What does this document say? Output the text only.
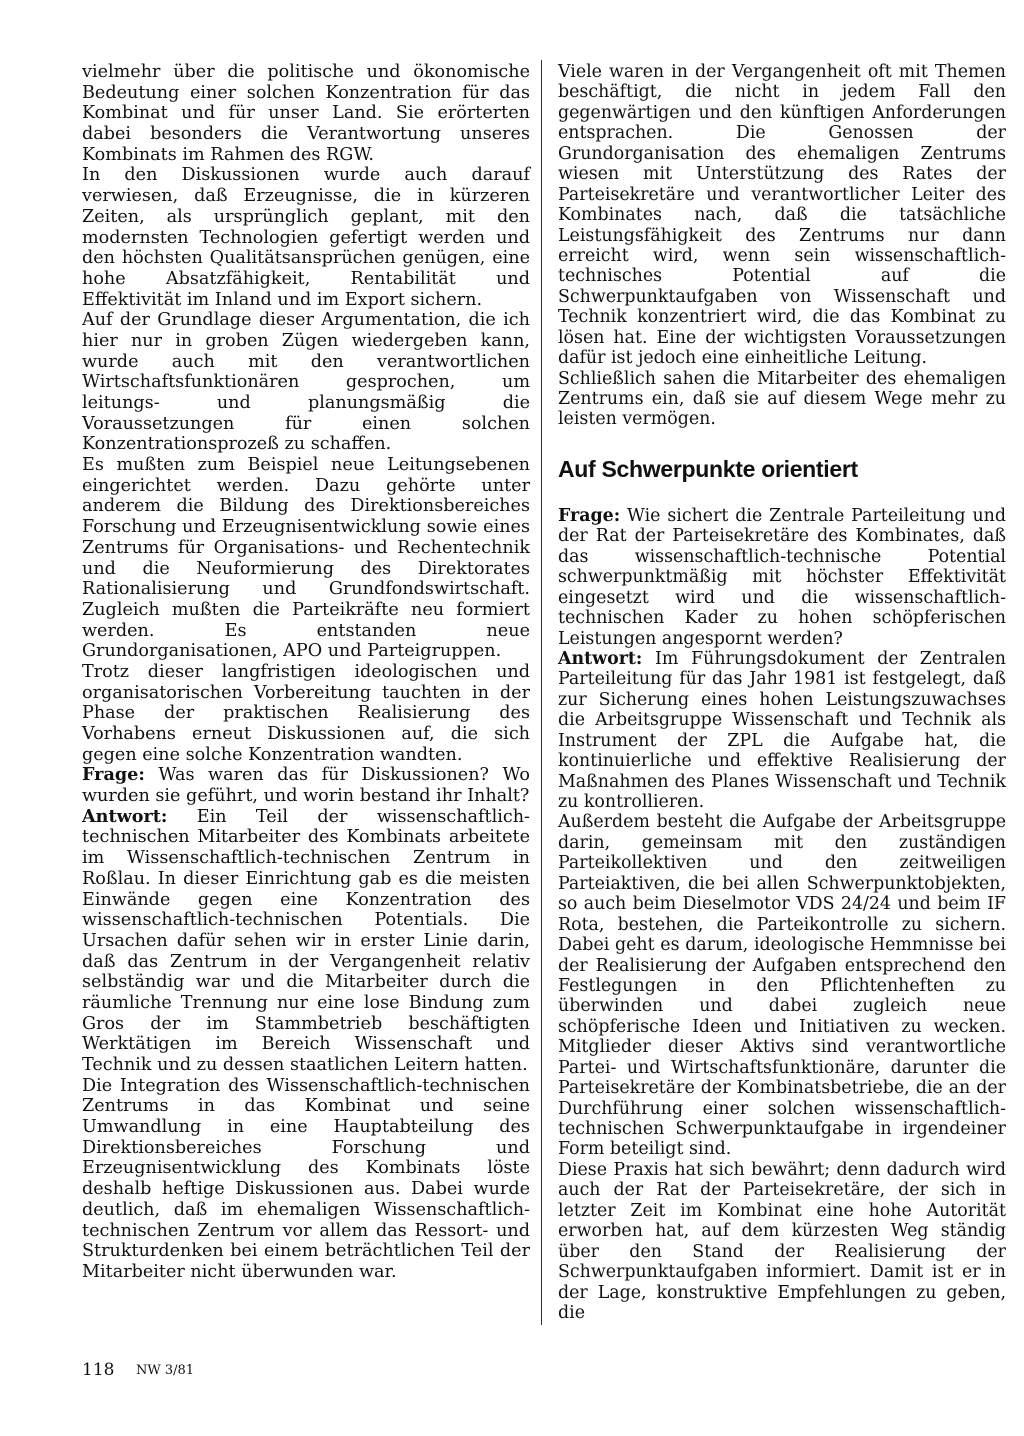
vielmehr über die politische und ökonomische Bedeutung einer solchen Konzentration für das Kombinat und für unser Land. Sie erörterten dabei besonders die Verantwortung unseres Kombinats im Rahmen des RGW.

In den Diskussionen wurde auch darauf verwiesen, daß Erzeugnisse, die in kürzeren Zeiten, als ursprünglich geplant, mit den modernsten Technologien gefertigt werden und den höchsten Qualitätsansprüchen genügen, eine hohe Absatzfähigkeit, Rentabilität und Effektivität im Inland und im Export sichern.

Auf der Grundlage dieser Argumentation, die ich hier nur in groben Zügen wiedergeben kann, wurde auch mit den verantwortlichen Wirtschaftsfunktionären gesprochen, um leitungs- und planungsmäßig die Voraussetzungen für einen solchen Konzentrationsprozeß zu schaffen.

Es mußten zum Beispiel neue Leitungsebenen eingerichtet werden. Dazu gehörte unter anderem die Bildung des Direktionsbereiches Forschung und Erzeugnisentwicklung sowie eines Zentrums für Organisations- und Rechentechnik und die Neuformierung des Direktorates Rationalisierung und Grundfondswirtschaft. Zugleich mußten die Parteikräfte neu formiert werden. Es entstanden neue Grundorganisationen, APO und Parteigruppen.

Trotz dieser langfristigen ideologischen und organisatorischen Vorbereitung tauchten in der Phase der praktischen Realisierung des Vorhabens erneut Diskussionen auf, die sich gegen eine solche Konzentration wandten.

Frage: Was waren das für Diskussionen? Wo wurden sie geführt, und worin bestand ihr Inhalt?

Antwort: Ein Teil der wissenschaftlich-technischen Mitarbeiter des Kombinats arbeitete im Wissenschaftlich-technischen Zentrum in Roßlau. In dieser Einrichtung gab es die meisten Einwände gegen eine Konzentration des wissenschaftlich-technischen Potentials. Die Ursachen dafür sehen wir in erster Linie darin, daß das Zentrum in der Vergangenheit relativ selbständig war und die Mitarbeiter durch die räumliche Trennung nur eine lose Bindung zum Gros der im Stammbetrieb beschäftigten Werktätigen im Bereich Wissenschaft und Technik und zu dessen staatlichen Leitern hatten.

Die Integration des Wissenschaftlich-technischen Zentrums in das Kombinat und seine Umwandlung in eine Hauptabteilung des Direktionsbereiches Forschung und Erzeugnisentwicklung des Kombinats löste deshalb heftige Diskussionen aus. Dabei wurde deutlich, daß im ehemaligen Wissenschaftlich-technischen Zentrum vor allem das Ressort- und Strukturdenken bei einem beträchtlichen Teil der Mitarbeiter nicht überwunden war.

Viele waren in der Vergangenheit oft mit Themen beschäftigt, die nicht in jedem Fall den gegenwärtigen und den künftigen Anforderungen entsprachen. Die Genossen der Grundorganisation des ehemaligen Zentrums wiesen mit Unterstützung des Rates der Parteisekretäre und verantwortlicher Leiter des Kombinates nach, daß die tatsächliche Leistungsfähigkeit des Zentrums nur dann erreicht wird, wenn sein wissenschaftlich-technisches Potential auf die Schwerpunktaufgaben von Wissenschaft und Technik konzentriert wird, die das Kombinat zu lösen hat. Eine der wichtigsten Voraussetzungen dafür ist jedoch eine einheitliche Leitung.

Schließlich sahen die Mitarbeiter des ehemaligen Zentrums ein, daß sie auf diesem Wege mehr zu leisten vermögen.

Auf Schwerpunkte orientiert

Frage: Wie sichert die Zentrale Parteileitung und der Rat der Parteisekretäre des Kombinates, daß das wissenschaftlich-technische Potential schwerpunktmäßig mit höchster Effektivität eingesetzt wird und die wissenschaftlich-technischen Kader zu hohen schöpferischen Leistungen angespornt werden?

Antwort: Im Führungsdokument der Zentralen Parteileitung für das Jahr 1981 ist festgelegt, daß zur Sicherung eines hohen Leistungszuwachses die Arbeitsgruppe Wissenschaft und Technik als Instrument der ZPL die Aufgabe hat, die kontinuierliche und effektive Realisierung der Maßnahmen des Planes Wissenschaft und Technik zu kontrollieren.

Außerdem besteht die Aufgabe der Arbeitsgruppe darin, gemeinsam mit den zuständigen Parteikollektiven und den zeitweiligen Parteiaktiven, die bei allen Schwerpunktobjekten, so auch beim Dieselmotor VDS 24/24 und beim IF Rota, bestehen, die Parteikontrolle zu sichern. Dabei geht es darum, ideologische Hemmnisse bei der Realisierung der Aufgaben entsprechend den Festlegungen in den Pflichtenheften zu überwinden und dabei zugleich neue schöpferische Ideen und Initiativen zu wecken. Mitglieder dieser Aktivs sind verantwortliche Partei- und Wirtschaftsfunktionäre, darunter die Parteisekretäre der Kombinatsbetriebe, die an der Durchführung einer solchen wissenschaftlich-technischen Schwerpunktaufgabe in irgendeiner Form beteiligt sind.

Diese Praxis hat sich bewährt; denn dadurch wird auch der Rat der Parteisekretäre, der sich in letzter Zeit im Kombinat eine hohe Autorität erworben hat, auf dem kürzesten Weg ständig über den Stand der Realisierung der Schwerpunktaufgaben informiert. Damit ist er in der Lage, konstruktive Empfehlungen zu geben, die

118 NW 3/81
